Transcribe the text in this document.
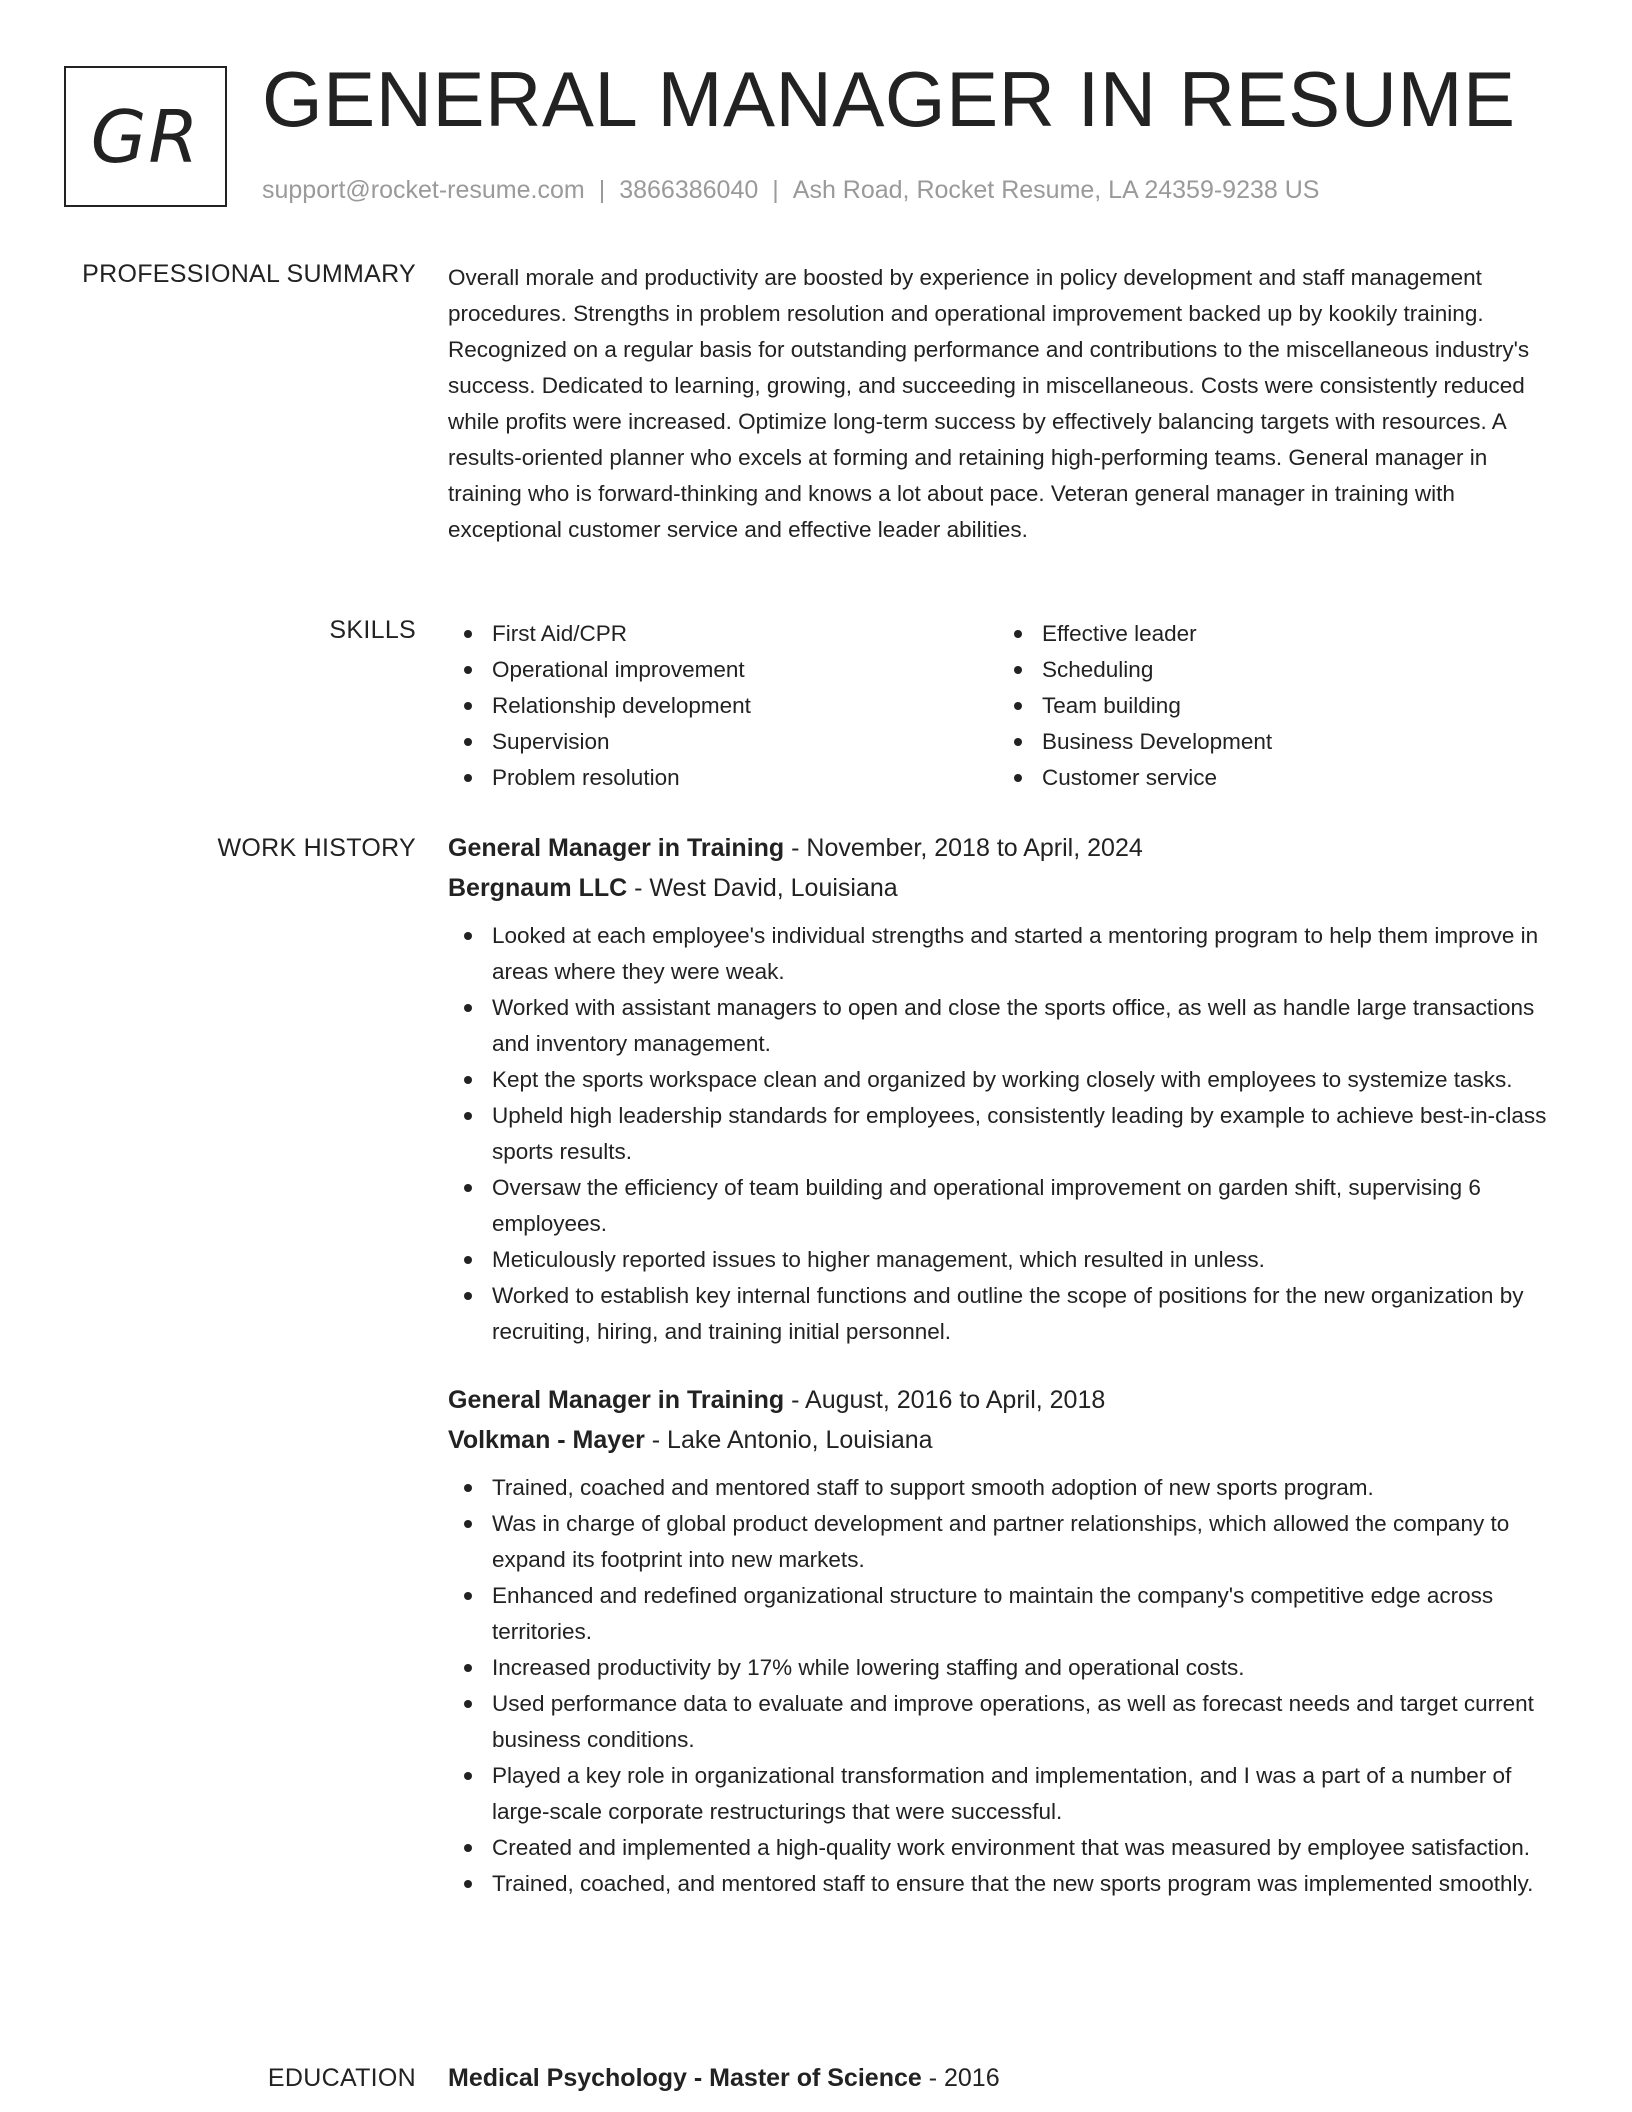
GR GENERAL MANAGER IN RESUME
support@rocket-resume.com | 3866386040 | Ash Road, Rocket Resume, LA 24359-9238 US
PROFESSIONAL SUMMARY Overall morale and productivity are boosted by experience in policy development and staff management procedures. Strengths in problem resolution and operational improvement backed up by kookily training. Recognized on a regular basis for outstanding performance and contributions to the miscellaneous industry's success. Dedicated to learning, growing, and succeeding in miscellaneous. Costs were consistently reduced while profits were increased. Optimize long-term success by effectively balancing targets with resources. A results-oriented planner who excels at forming and retaining high-performing teams. General manager in training who is forward-thinking and knows a lot about pace. Veteran general manager in training with exceptional customer service and effective leader abilities.

SKILLS	First Aid/CPR
Operational improvement
Relationship development
Supervision
Problem resolution
Effective leader
Scheduling
Team building
Business Development
Customer service
WORK HISTORY General Manager in Training - November, 2018 to April, 2024
Bergnaum LLC - West David, Louisiana
Looked at each employee's individual strengths and started a mentoring program to help them improve in areas where they were weak.
Worked with assistant managers to open and close the sports office, as well as handle large transactions and inventory management.
Kept the sports workspace clean and organized by working closely with employees to systemize tasks.
Upheld high leadership standards for employees, consistently leading by example to achieve best-in-class sports results.
Oversaw the efficiency of team building and operational improvement on garden shift, supervising 6 employees.
Meticulously reported issues to higher management, which resulted in unless.
Worked to establish key internal functions and outline the scope of positions for the new organization by recruiting, hiring, and training initial personnel.
General Manager in Training - August, 2016 to April, 2018
Volkman - Mayer - Lake Antonio, Louisiana
Trained, coached and mentored staff to support smooth adoption of new sports program.
Was in charge of global product development and partner relationships, which allowed the company to expand its footprint into new markets.
Enhanced and redefined organizational structure to maintain the company's competitive edge across territories.
Increased productivity by 17% while lowering staffing and operational costs.
Used performance data to evaluate and improve operations, as well as forecast needs and target current business conditions.
Played a key role in organizational transformation and implementation, and I was a part of a number of large-scale corporate restructurings that were successful.
Created and implemented a high-quality work environment that was measured by employee satisfaction.
Trained, coached, and mentored staff to ensure that the new sports program was implemented smoothly.
EDUCATION Medical Psychology - Master of Science - 2016
